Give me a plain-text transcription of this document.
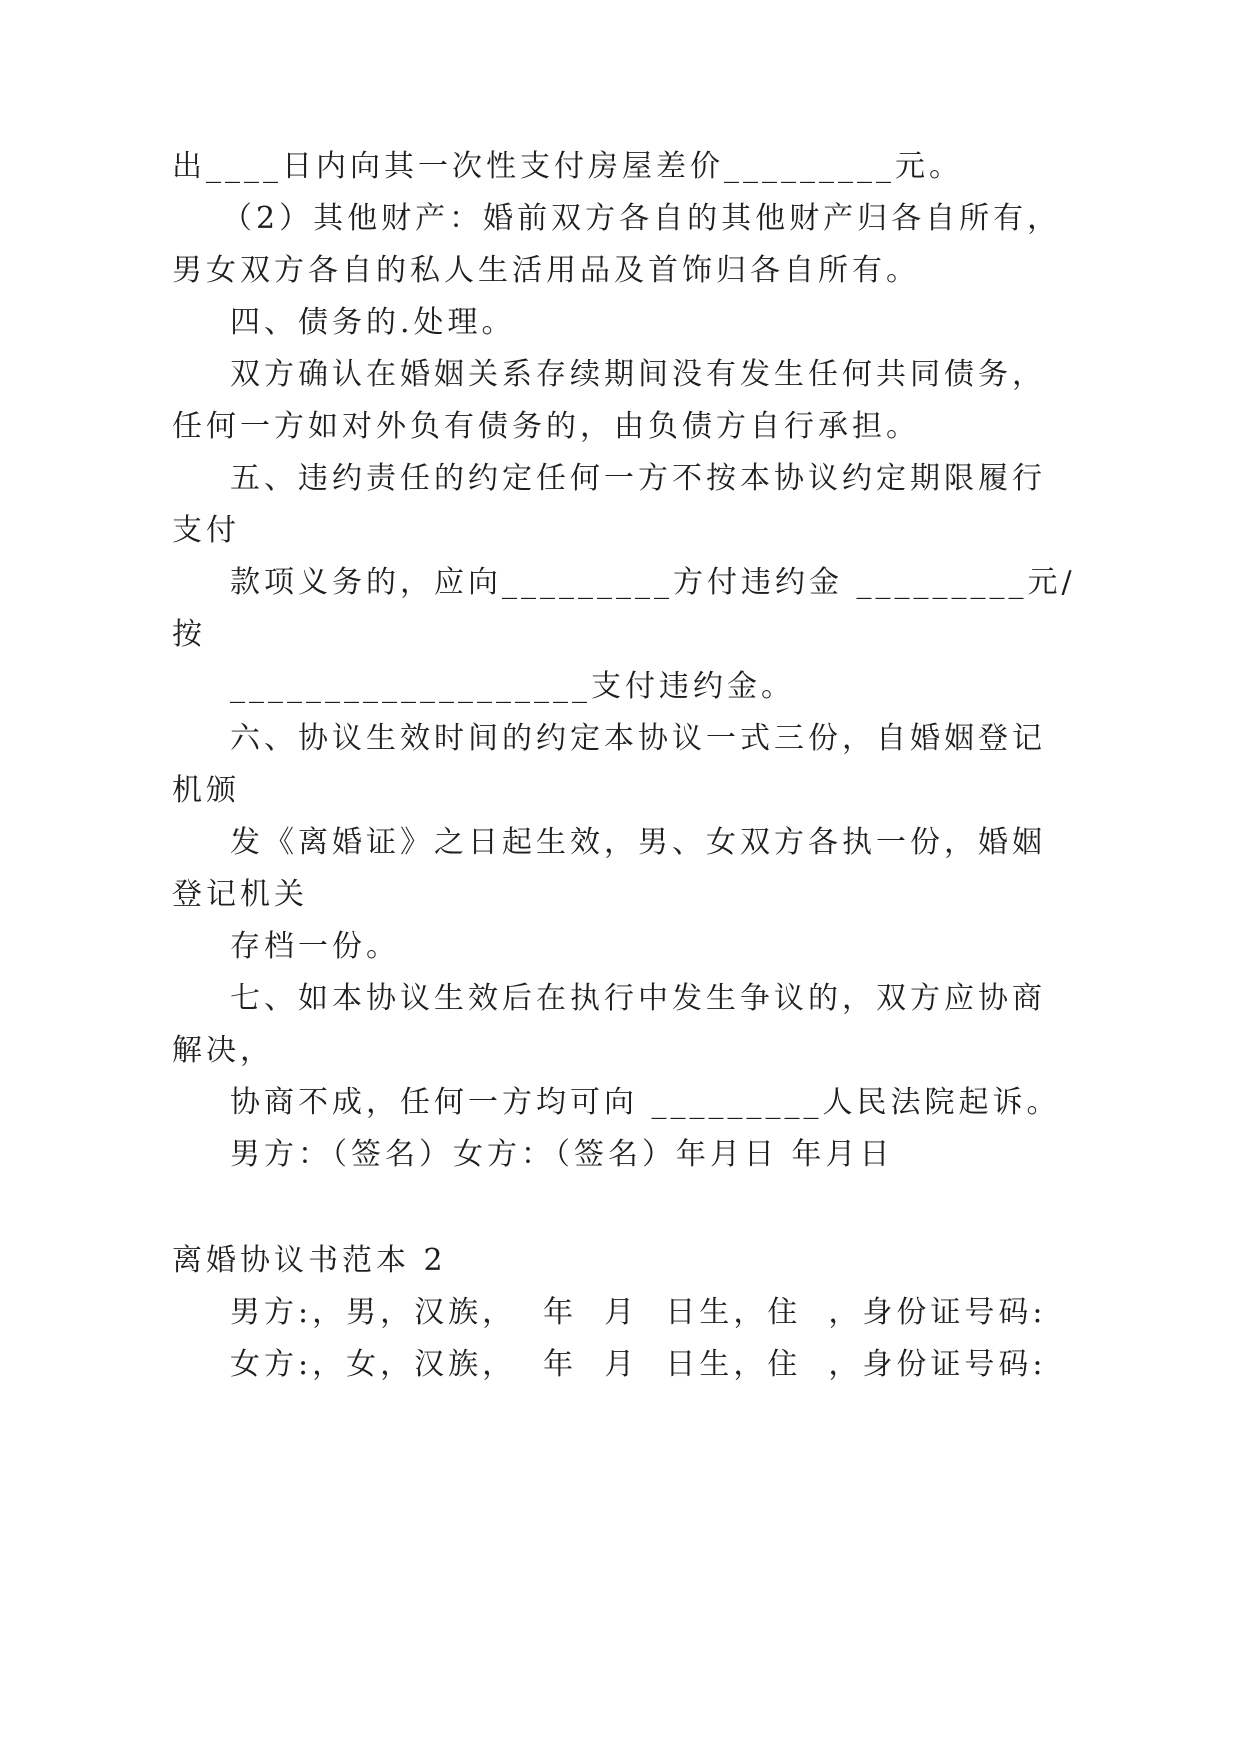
出____日内向其一次性支付房屋差价_________元。
（2）其他财产：婚前双方各自的其他财产归各自所有，
男女双方各自的私人生活用品及首饰归各自所有。
四、债务的.处理。
双方确认在婚姻关系存续期间没有发生任何共同债务，
任何一方如对外负有债务的，由负债方自行承担。
五、违约责任的约定任何一方不按本协议约定期限履行
支付
款项义务的，应向_________方付违约金 _________元/
按
___________________支付违约金。
六、协议生效时间的约定本协议一式三份，自婚姻登记
机颁
发《离婚证》之日起生效，男、女双方各执一份，婚姻
登记机关
存档一份。
七、如本协议生效后在执行中发生争议的，双方应协商
解决，
协商不成，任何一方均可向 _________人民法院起诉。
男方：（签名）女方：（签名）年月日 年月日
离婚协议书范本 2
男方:，男，汉族，  年  月  日生，住  ，身份证号码:
女方:，女，汉族，  年  月  日生，住  ，身份证号码:
